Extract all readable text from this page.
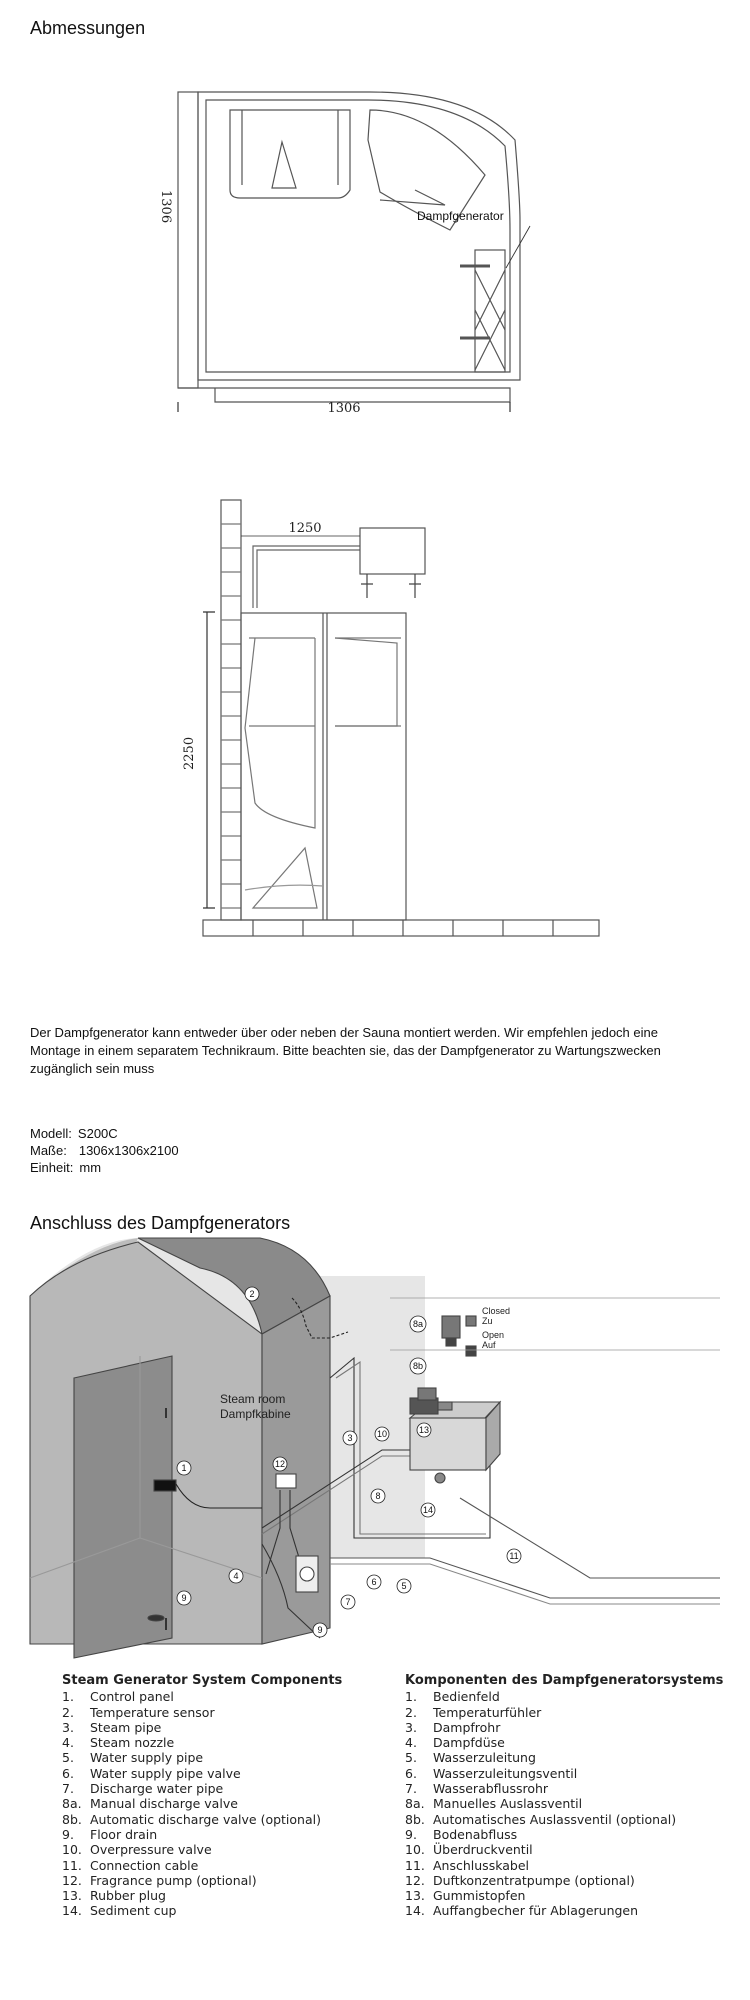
Abmessungen
1306
1306	Dampfgenerator
1250
2250
Der Dampfgenerator kann entweder über oder neben der Sauna montiert werden. Wir empfehlen jedoch eine Montage in einem separatem Technikraum. Bitte beachten sie, das der Dampfgenerator zu Wartungszwecken zugänglich sein muss
Modell: S200C
Maße: 1306x1306x2100
Einheit: mm
Anschluss des Dampfgenerators
1
2
3
4
5
6
7
8
9
9
10
11
12
13
14
8a
8b
Steam room
Dampfkabine
Closed
Zu
Open
Auf
Steam Generator System Components
1.	Control panel
2.	Temperature sensor
3.	Steam pipe
4.	Steam nozzle
5.	Water supply pipe
6.	Water supply pipe valve
7.	Discharge water pipe
8a. Manual discharge valve
8b. Automatic discharge valve (optional)
9.	Floor drain
10. Overpressure valve
11. Connection cable
12. Fragrance pump (optional)
13. Rubber plug
14. Sediment cup
Komponenten des Dampfgeneratorsystems
1.	Bedienfeld
2.	Temperaturfühler
3.	Dampfrohr
4.	Dampfdüse
5.	Wasserzuleitung
6.	Wasserzuleitungsventil
7.	Wasserabflussrohr
8a. Manuelles Auslassventil
8b. Automatisches Auslassventil (optional)
9.	Bodenabfluss
10. Überdruckventil
11. Anschlusskabel
12. Duftkonzentratpumpe (optional)
13. Gummistopfen
14. Auffangbecher für Ablagerungen
